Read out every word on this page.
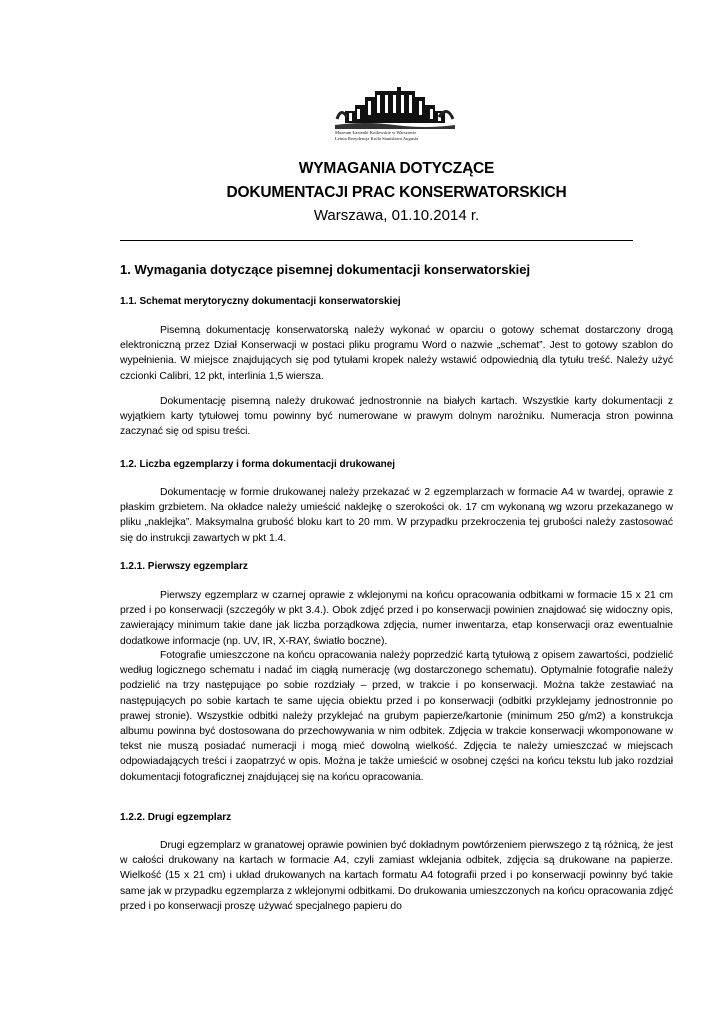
Muzeum Łazienki Królewskie w Warszawie
Letnia Rezydencja Króla Stanisława Augusta
WYMAGANIA DOTYCZĄCE
DOKUMENTACJI PRAC KONSERWATORSKICH
Warszawa, 01.10.2014 r.
1. Wymagania dotyczące pisemnej dokumentacji konserwatorskiej
1.1. Schemat merytoryczny dokumentacji konserwatorskiej
Pisemną dokumentację konserwatorską należy wykonać w oparciu o gotowy schemat dostarczony drogą elektroniczną przez Dział Konserwacji w postaci pliku programu Word o nazwie „schemat”. Jest to gotowy szablon do wypełnienia. W miejsce znajdujących się pod tytułami kropek należy wstawić odpowiednią dla tytułu treść. Należy użyć czcionki Calibri, 12 pkt, interlinia 1,5 wiersza.
Dokumentację pisemną należy drukować jednostronnie na białych kartach. Wszystkie karty dokumentacji z wyjątkiem karty tytułowej tomu powinny być numerowane w prawym dolnym narożniku. Numeracja stron powinna zaczynać się od spisu treści.
1.2. Liczba egzemplarzy i forma dokumentacji drukowanej
Dokumentację w formie drukowanej należy przekazać w 2 egzemplarzach w formacie A4 w twardej, oprawie z płaskim grzbietem. Na okładce należy umieścić naklejkę o szerokości ok. 17 cm wykonaną wg wzoru przekazanego w pliku „naklejka”. Maksymalna grubość bloku kart to 20 mm. W przypadku przekroczenia tej grubości należy zastosować się do instrukcji zawartych w pkt 1.4.
1.2.1. Pierwszy egzemplarz
Pierwszy egzemplarz w czarnej oprawie z wklejonymi na końcu opracowania odbitkami w formacie 15 x 21 cm przed i po konserwacji (szczegóły w pkt 3.4.). Obok zdjęć przed i po konserwacji powinien znajdować się widoczny opis, zawierający minimum takie dane jak liczba porządkowa zdjęcia, numer inwentarza, etap konserwacji oraz ewentualnie dodatkowe informacje (np. UV, IR, X-RAY, światło boczne).
Fotografie umieszczone na końcu opracowania należy poprzedzić kartą tytułową z opisem zawartości, podzielić według logicznego schematu i nadać im ciągłą numerację (wg dostarczonego schematu). Optymalnie fotografie należy podzielić na trzy następujące po sobie rozdziały – przed, w trakcie i po konserwacji. Można także zestawiać na następujących po sobie kartach te same ujęcia obiektu przed i po konserwacji (odbitki przyklejamy jednostronnie po prawej stronie). Wszystkie odbitki należy przyklejać na grubym papierze/kartonie (minimum 250 g/m2) a konstrukcja albumu powinna być dostosowana do przechowywania w nim odbitek. Zdjęcia w trakcie konserwacji wkomponowane w tekst nie muszą posiadać numeracji i mogą mieć dowolną wielkość. Zdjęcia te należy umieszczać w miejscach odpowiadających treści i zaopatrzyć w opis. Można je także umieścić w osobnej części na końcu tekstu lub jako rozdział dokumentacji fotograficznej znajdującej się na końcu opracowania.
1.2.2. Drugi egzemplarz
Drugi egzemplarz w granatowej oprawie powinien być dokładnym powtórzeniem pierwszego z tą różnicą, że jest w całości drukowany na kartach w formacie A4, czyli zamiast wklejania odbitek, zdjęcia są drukowane na papierze. Wielkość (15 x 21 cm) i układ drukowanych na kartach formatu A4 fotografii przed i po konserwacji powinny być takie same jak w przypadku egzemplarza z wklejonymi odbitkami. Do drukowania umieszczonych na końcu opracowania zdjęć przed i po konserwacji proszę używać specjalnego papieru do
